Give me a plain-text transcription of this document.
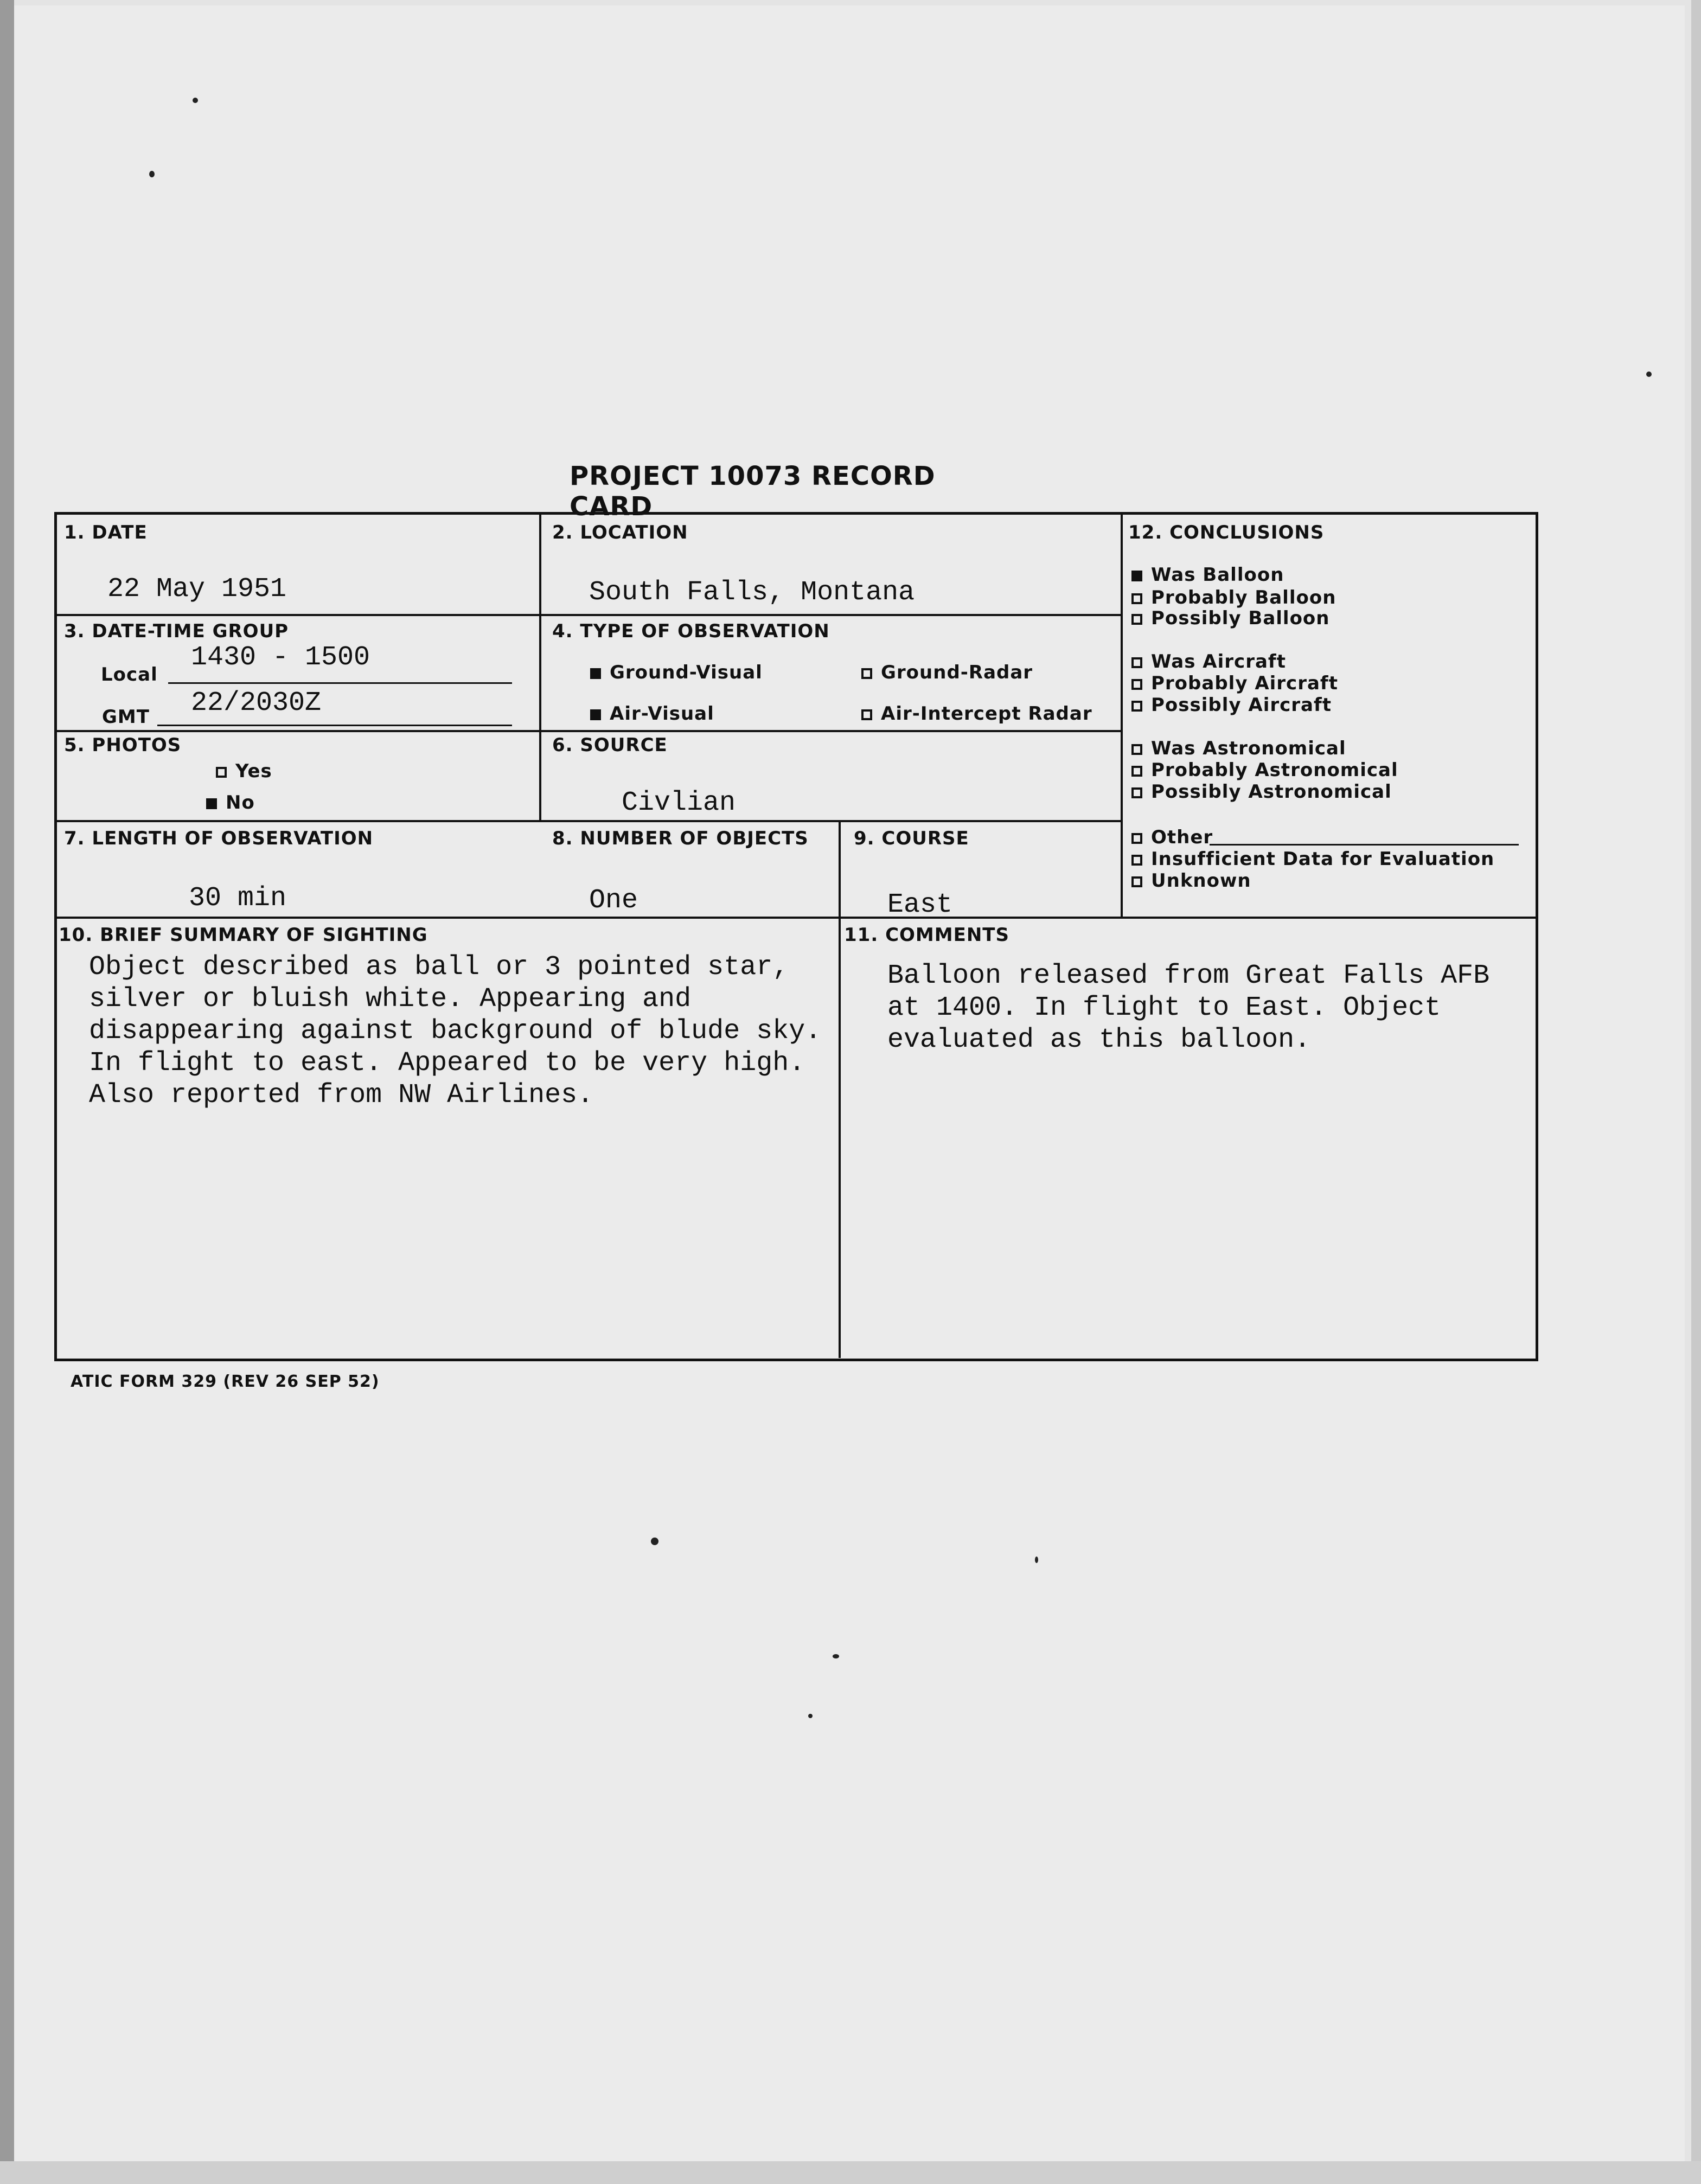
PROJECT 10073 RECORD CARD
1. DATE
22 May 1951
2. LOCATION
South Falls, Montana
3. DATE-TIME GROUP
Local
1430 - 1500
GMT 22/2030Z
4. TYPE OF OBSERVATION
Ground-Visual	Ground-Radar
Air-Visual	Air-Intercept Radar
5. PHOTOS
Yes
No
6. SOURCE
Civlian
7. LENGTH OF OBSERVATION
30 min
8. NUMBER OF OBJECTS
One
9. COURSE
East
10. BRIEF SUMMARY OF SIGHTING
Object described as ball or 3 pointed star,
silver or bluish white. Appearing and
disappearing against background of blude sky.
In flight to east. Appeared to be very high.
Also reported from NW Airlines.
11. COMMENTS
Balloon released from Great Falls AFB
at 1400. In flight to East. Object
evaluated as this balloon.
12. CONCLUSIONS
Was Balloon
Probably Balloon
Possibly Balloon
Was Aircraft
Probably Aircraft
Possibly Aircraft
Was Astronomical
Probably Astronomical
Possibly Astronomical
Other
Insufficient Data for Evaluation
Unknown
ATIC FORM 329 (REV 26 SEP 52)
